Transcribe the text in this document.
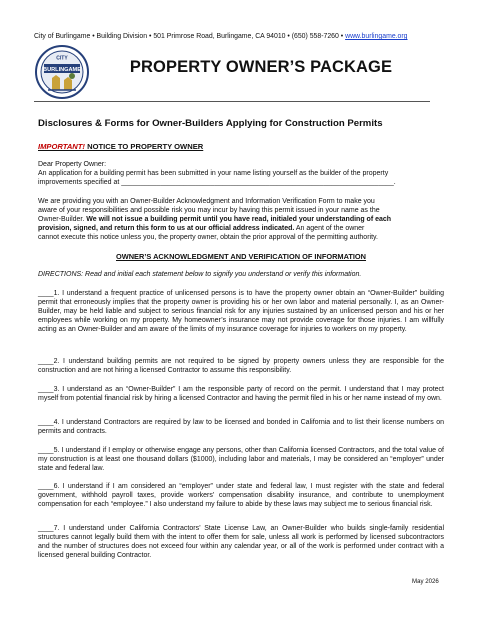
City of Burlingame • Building Division • 501 Primrose Road, Burlingame, CA 94010 • (650) 558-7260 • www.burlingame.org
CITY
BURLINGAME	PROPERTY OWNER’S PACKAGE
Disclosures & Forms for Owner-Builders Applying for Construction Permits
IMPORTANT! NOTICE TO PROPERTY OWNER
Dear Property Owner:
An application for a building permit has been submitted in your name listing yourself as the builder of the property
improvements specified at ______________________________________________________________________.
We are providing you with an Owner-Builder Acknowledgment and Information Verification Form to make you
aware of your responsibilities and possible risk you may incur by having this permit issued in your name as the
Owner-Builder. We will not issue a building permit until you have read, initialed your understanding of each
provision, signed, and return this form to us at our official address indicated. An agent of the owner
cannot execute this notice unless you, the property owner, obtain the prior approval of the permitting authority.
OWNER’S ACKNOWLEDGMENT AND VERIFICATION OF INFORMATION
DIRECTIONS: Read and initial each statement below to signify you understand or verify this information.
____1. I understand a frequent practice of unlicensed persons is to have the property owner obtain an “Owner-Builder” building permit that erroneously implies that the property owner is providing his or her own labor and material personally. I, as an Owner-Builder, may be held liable and subject to serious financial risk for any injuries sustained by an unlicensed person and his or her employees while working on my property. My homeowner’s insurance may not provide coverage for those injuries. I am willfully acting as an Owner-Builder and am aware of the limits of my insurance coverage for injuries to workers on my property.
____2. I understand building permits are not required to be signed by property owners unless they are responsible for the construction and are not hiring a licensed Contractor to assume this responsibility.
____3. I understand as an “Owner-Builder” I am the responsible party of record on the permit. I understand that I may protect myself from potential financial risk by hiring a licensed Contractor and having the permit filed in his or her name instead of my own.
____4. I understand Contractors are required by law to be licensed and bonded in California and to list their license numbers on permits and contracts.
____5. I understand if I employ or otherwise engage any persons, other than California licensed Contractors, and the total value of my construction is at least one thousand dollars ($1000), including labor and materials, I may be considered an “employer” under state and federal law.
____6. I understand if I am considered an “employer” under state and federal law, I must register with the state and federal government, withhold payroll taxes, provide workers’ compensation disability insurance, and contribute to unemployment compensation for each “employee.” I also understand my failure to abide by these laws may subject me to serious financial risk.
____7. I understand under California Contractors’ State License Law, an Owner-Builder who builds single-family residential structures cannot legally build them with the intent to offer them for sale, unless all work is performed by licensed subcontractors and the number of structures does not exceed four within any calendar year, or all of the work is performed under contract with a licensed general building Contractor.
May 2026
